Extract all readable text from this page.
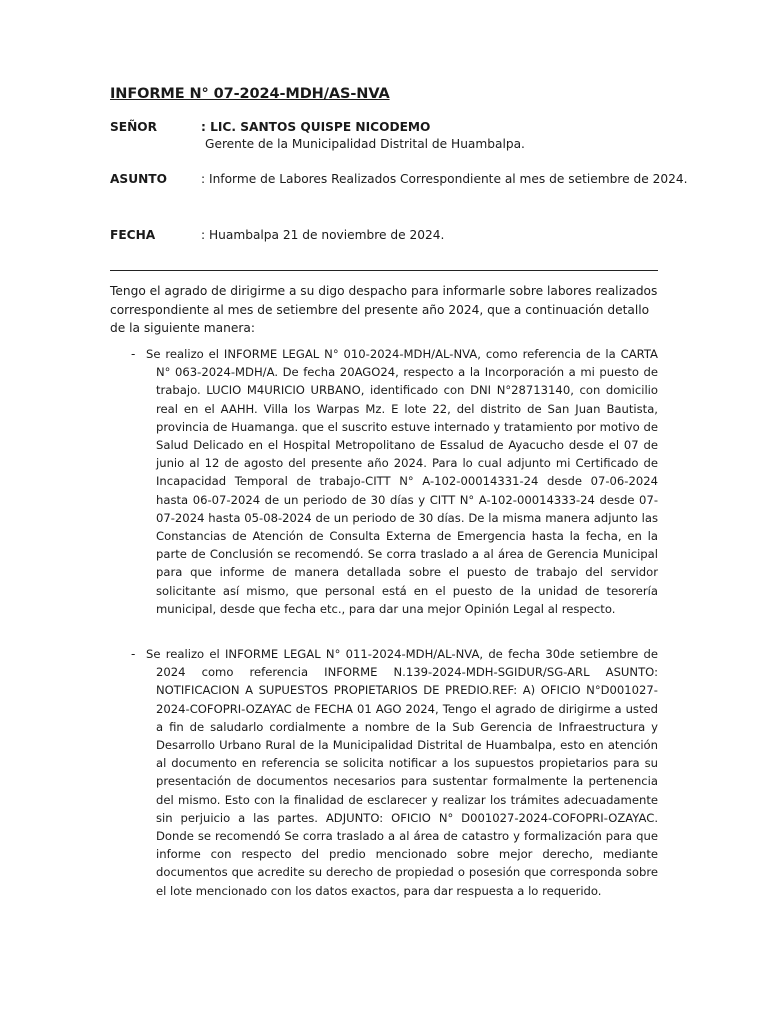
INFORME N° 07-2024-MDH/AS-NVA
SEÑOR	: LIC. SANTOS QUISPE NICODEMO
Gerente de la Municipalidad Distrital de Huambalpa.
ASUNTO	: Informe de Labores Realizados Correspondiente al mes de setiembre de 2024.
FECHA	: Huambalpa 21 de noviembre de 2024.

Tengo el agrado de dirigirme a su digo despacho para informarle sobre labores realizados correspondiente al mes de setiembre del presente año 2024, que a continuación detallo de la siguiente manera:

- Se realizo el INFORME LEGAL N° 010-2024-MDH/AL-NVA, como referencia de la CARTA N° 063-2024-MDH/A. De fecha 20AGO24, respecto a la Incorporación a mi puesto de trabajo. LUCIO M4URICIO URBANO, identificado con DNI N°28713140, con domicilio real en el AAHH. Villa los Warpas Mz. E lote 22, del distrito de San Juan Bautista, provincia de Huamanga. que el suscrito estuve internado y tratamiento por motivo de Salud Delicado en el Hospital Metropolitano de Essalud de Ayacucho desde el 07 de junio al 12 de agosto del presente año 2024. Para lo cual adjunto mi Certificado de Incapacidad Temporal de trabajo-CITT N° A-102-00014331-24 desde 07-06-2024 hasta 06-07-2024 de un periodo de 30 días y CITT N° A-102-00014333-24 desde 07-07-2024 hasta 05-08-2024 de un periodo de 30 días. De la misma manera adjunto las Constancias de Atención de Consulta Externa de Emergencia hasta la fecha, en la parte de Conclusión se recomendó. Se corra traslado a al área de Gerencia Municipal para que informe de manera detallada sobre el puesto de trabajo del servidor solicitante así mismo, que personal está en el puesto de la unidad de tesorería municipal, desde que fecha etc., para dar una mejor Opinión Legal al respecto.
- Se realizo el INFORME LEGAL N° 011-2024-MDH/AL-NVA, de fecha 30de setiembre de 2024 como referencia INFORME N.139-2024-MDH-SGIDUR/SG-ARL ASUNTO: NOTIFICACION A SUPUESTOS PROPIETARIOS DE PREDIO.REF: A) OFICIO N°D001027-2024-COFOPRI-OZAYAC de FECHA 01 AGO 2024, Tengo el agrado de dirigirme a usted a fin de saludarlo cordialmente a nombre de la Sub Gerencia de Infraestructura y Desarrollo Urbano Rural de la Municipalidad Distrital de Huambalpa, esto en atención al documento en referencia se solicita notificar a los supuestos propietarios para su presentación de documentos necesarios para sustentar formalmente la pertenencia del mismo. Esto con la finalidad de esclarecer y realizar los trámites adecuadamente sin perjuicio a las partes. ADJUNTO: OFICIO N° D001027-2024-COFOPRI-OZAYAC. Donde se recomendó Se corra traslado a al área de catastro y formalización para que informe con respecto del predio mencionado sobre mejor derecho, mediante documentos que acredite su derecho de propiedad o posesión que corresponda sobre el lote mencionado con los datos exactos, para dar respuesta a lo requerido.
